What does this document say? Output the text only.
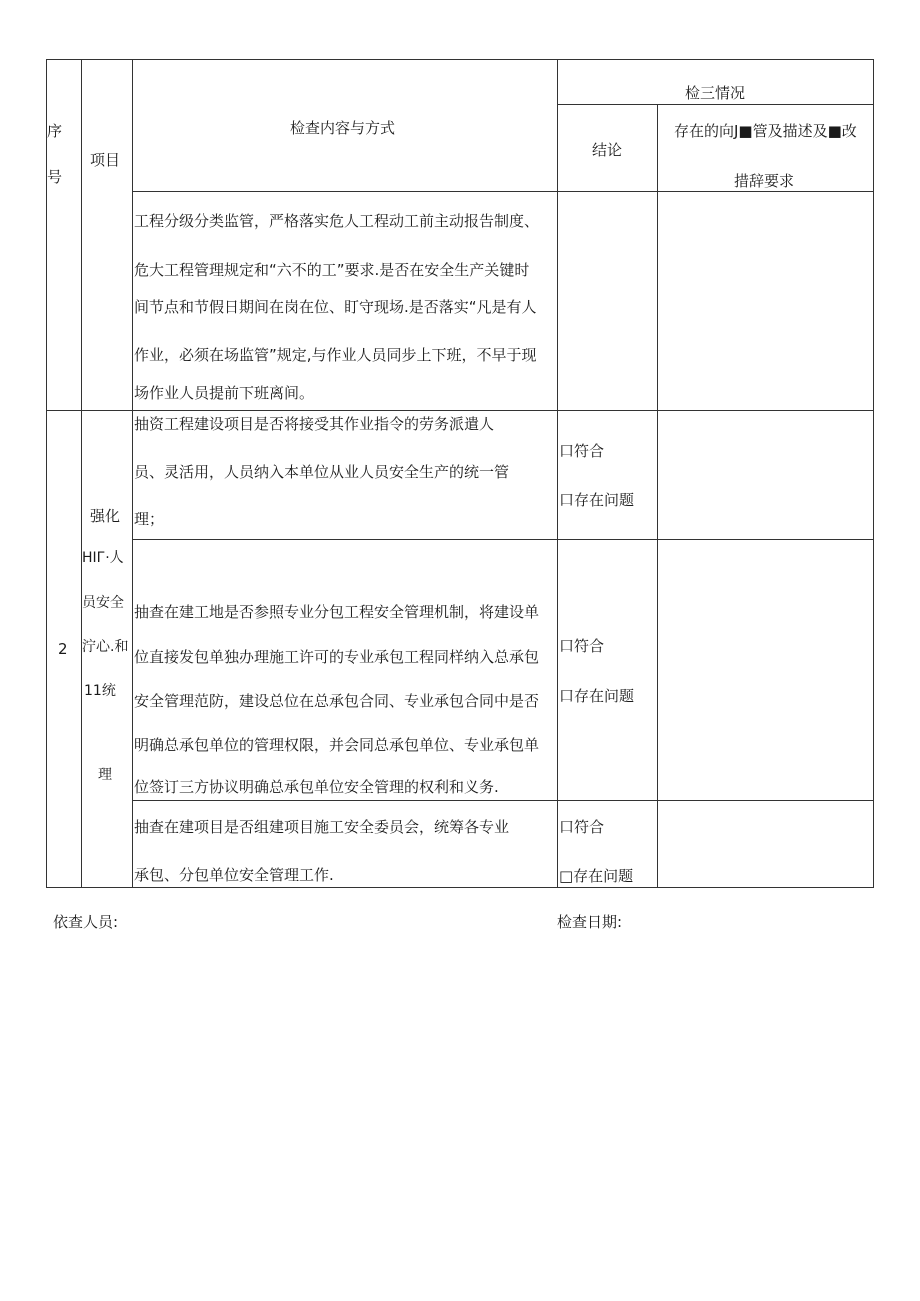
序号
项目
检查内容与方式
检三情况
结论
存在的向J■管及描述及■改
措辞要求
工程分级分类监管，严格落实危人工程动工前主动报告制度、
危大工程管理规定和“六不的工”要求.是否在安全生产关键时
间节点和节假日期间在岗在位、盯守现场.是否落实“凡是有人
作业，必须在场监管”规定,与作业人员同步上下班，不早于现
场作业人员提前下班离间。
2
强化
HIГ·人
员安全
泞心.和
11统
理
抽资工程建设项目是否将接受其作业指令的劳务派遣人
员、灵活用，人员纳入本单位从业人员安全生产的统一管
理；
口符合
口存在问题
抽查在建工地是否参照专业分包工程安全管理机制，将建设单
位直接发包单独办理施工许可的专业承包工程同样纳入总承包
安全管理范防，建设总位在总承包合同、专业承包合同中是否
明确总承包单位的管理权限，并会同总承包单位、专业承包单
位签订三方协议明确总承包单位安全管理的权利和义务.
口符合
口存在问题
抽查在建项目是否组建项目施工安全委员会，统筹各专业
承包、分包单位安全管理工作.
口符合
□存在问题
依查人员:	检查日期:
